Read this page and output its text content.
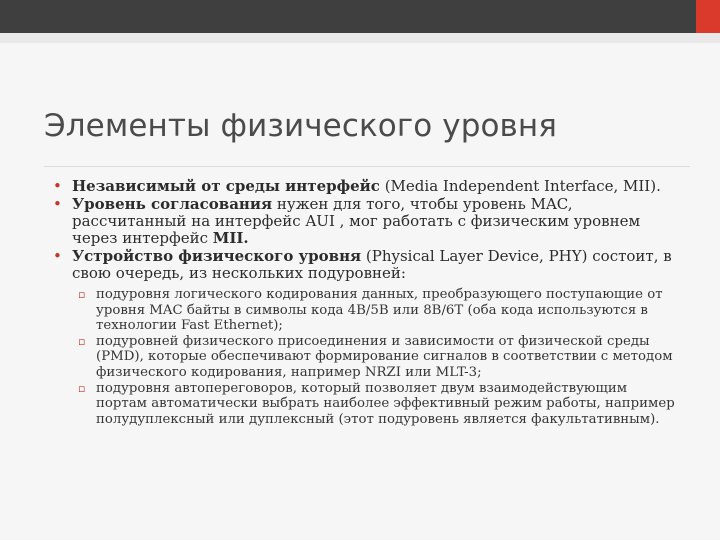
Элементы физического уровня
• Независимый от среды интерфейс (Media Independent Interface, МII).
• Уровень согласования нужен для того, чтобы уровень MAC, рассчитанный на интерфейс AUI , мог работать с физическим уровнем через интерфейс МII.
• Устройство физического уровня (Physical Layer Device, PHY) состоит, в свою очередь, из нескольких подуровней:
▫ подуровня логического кодирования данных, преобразующего поступающие от уровня MAC байты в символы кода 4B/5B или 8B/6T (оба кода используются в технологии Fast Ethernet);
▫ подуровней физического присоединения и зависимости от физической среды (PMD), которые обеспечивают формирование сигналов в соответствии с методом физического кодирования, например NRZI или MLT-3;
▫ подуровня автопереговоров, который позволяет двум взаимодействующим портам автоматически выбрать наиболее эффективный режим работы, например полудуплексный или дуплексный (этот подуровень является факультативным).
